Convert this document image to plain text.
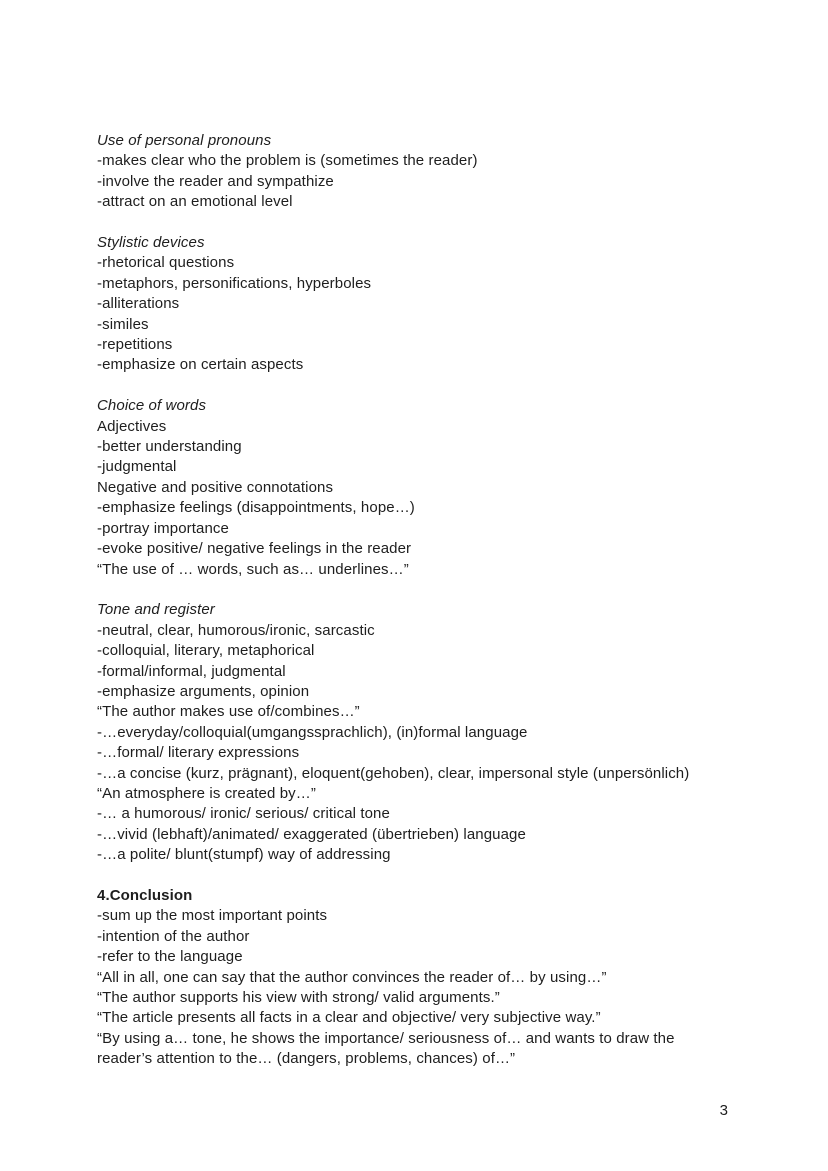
Use of personal pronouns
-makes clear who the problem is (sometimes the reader)
-involve the reader and sympathize
-attract on an emotional level
Stylistic devices
-rhetorical questions
-metaphors, personifications, hyperboles
-alliterations
-similes
-repetitions
-emphasize on certain aspects
Choice of words
Adjectives
-better understanding
-judgmental
Negative and positive connotations
-emphasize feelings (disappointments, hope…)
-portray importance
-evoke positive/ negative feelings in the reader
“The use of … words, such as… underlines…”
Tone and register
-neutral, clear, humorous/ironic, sarcastic
-colloquial, literary, metaphorical
-formal/informal, judgmental
-emphasize arguments, opinion
“The author makes use of/combines…”
-…everyday/colloquial(umgangssprachlich), (in)formal language
-…formal/ literary expressions
-…a concise (kurz, prägnant), eloquent(gehoben), clear, impersonal style (unpersönlich)
“An atmosphere is created by…”
-… a humorous/ ironic/ serious/ critical tone
-…vivid (lebhaft)/animated/ exaggerated (übertrieben) language
-…a polite/ blunt(stumpf) way of addressing
4.Conclusion
-sum up the most important points
-intention of the author
-refer to the language
“All in all, one can say that the author convinces the reader of… by using…”
“The author supports his view with strong/ valid arguments.”
“The article presents all facts in a clear and objective/ very subjective way.”
“By using a… tone, he shows the importance/ seriousness of… and wants to draw the
reader’s attention to the… (dangers, problems, chances) of…”
3
